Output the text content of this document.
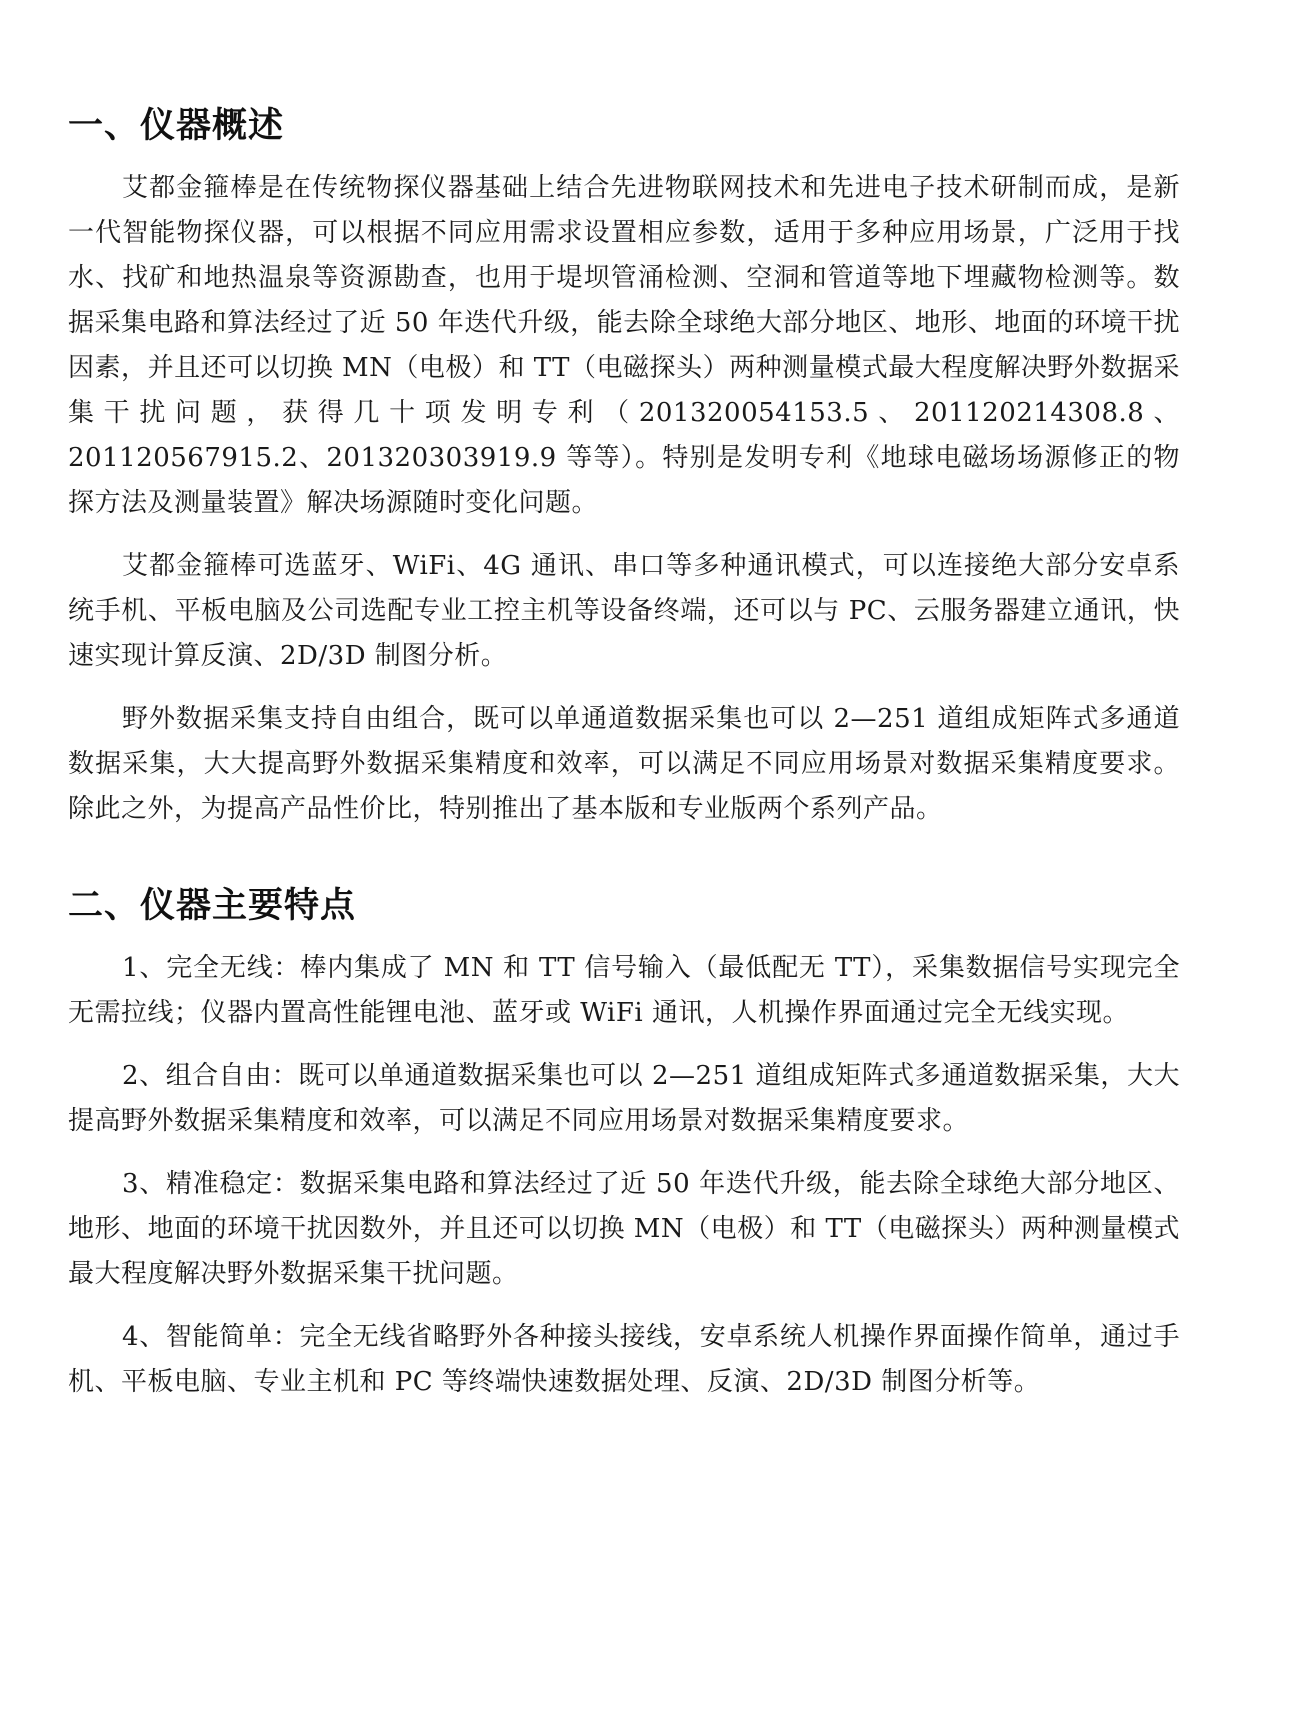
一、仪器概述

艾都金箍棒是在传统物探仪器基础上结合先进物联网技术和先进电子技术研制而成，是新一代智能物探仪器，可以根据不同应用需求设置相应参数，适用于多种应用场景，广泛用于找水、找矿和地热温泉等资源勘查，也用于堤坝管涌检测、空洞和管道等地下埋藏物检测等。数据采集电路和算法经过了近 50 年迭代升级，能去除全球绝大部分地区、地形、地面的环境干扰因素，并且还可以切换 MN（电极）和 TT（电磁探头）两种测量模式最大程度解决野外数据采集干扰问题，获得几十项发明专利（201320054153.5、201120214308.8、201120567915.2、201320303919.9 等等）。特别是发明专利《地球电磁场场源修正的物探方法及测量装置》解决场源随时变化问题。

艾都金箍棒可选蓝牙、WiFi、4G 通讯、串口等多种通讯模式，可以连接绝大部分安卓系统手机、平板电脑及公司选配专业工控主机等设备终端，还可以与 PC、云服务器建立通讯，快速实现计算反演、2D/3D 制图分析。

野外数据采集支持自由组合，既可以单通道数据采集也可以 2—251 道组成矩阵式多通道数据采集，大大提高野外数据采集精度和效率，可以满足不同应用场景对数据采集精度要求。除此之外，为提高产品性价比，特别推出了基本版和专业版两个系列产品。

二、仪器主要特点

1、完全无线：棒内集成了 MN 和 TT 信号输入（最低配无 TT），采集数据信号实现完全无需拉线；仪器内置高性能锂电池、蓝牙或 WiFi 通讯，人机操作界面通过完全无线实现。

2、组合自由：既可以单通道数据采集也可以 2—251 道组成矩阵式多通道数据采集，大大提高野外数据采集精度和效率，可以满足不同应用场景对数据采集精度要求。

3、精准稳定：数据采集电路和算法经过了近 50 年迭代升级，能去除全球绝大部分地区、地形、地面的环境干扰因数外，并且还可以切换 MN（电极）和 TT（电磁探头）两种测量模式最大程度解决野外数据采集干扰问题。

4、智能简单：完全无线省略野外各种接头接线，安卓系统人机操作界面操作简单，通过手机、平板电脑、专业主机和 PC 等终端快速数据处理、反演、2D/3D 制图分析等。
